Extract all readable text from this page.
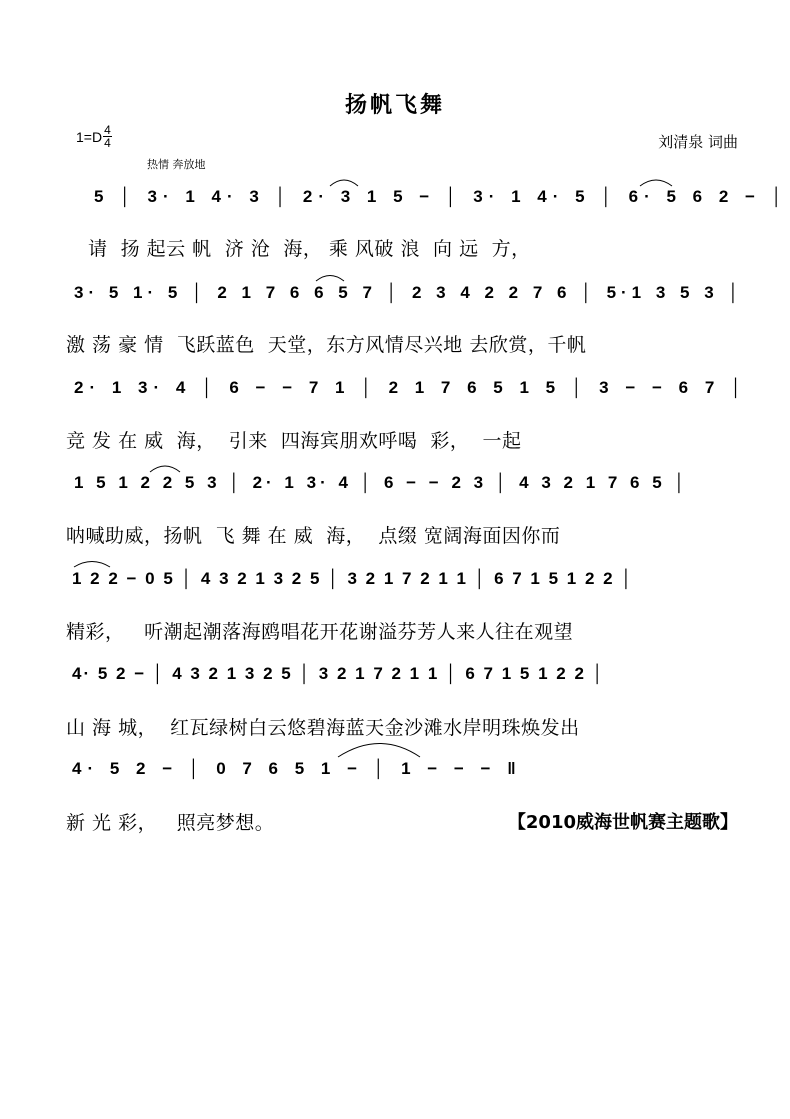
扬帆飞舞
$1=D \frac{4}{4}$	刘清泉 词曲
热情 奔放地
5 │ 3· 1 4· 3 │ 2· 3 1 5 − │ 3· 1 4· 5 │ 6· 5 6 2 − │
请  扬 起云 帆  济 沧  海， 乘 风破 浪  向 远  方，
3· 5 1· 5 │ 2 1 7 6 6 5 7 │ 2 3 4 2 2 7 6 │ 5·1 3 5 3 │
激 荡 豪 情  飞跃蓝色  天堂，东方风情尽兴地 去欣赏，千帆
2· 1 3· 4 │ 6 − − 7 1 │ 2 1 7 6 5 1 5 │ 3 − − 6 7 │
竞 发 在 威  海，  引来  四海宾朋欢呼喝  彩，  一起
1 5 1 2 2 5 3 │ 2· 1 3· 4 │ 6 − − 2 3 │ 4 3 2 1 7 6 5 │
呐喊助威，扬帆  飞 舞 在 威  海，  点缀 宽阔海面因你而
1 2 2 − 0 5 │ 4 3 2 1 3 2 5 │ 3 2 1 7 2 1 1 │ 6 7 1 5 1 2 2 │
精彩，   听潮起潮落海鸥唱花开花谢溢芬芳人来人往在观望
4· 5 2 − │ 4 3 2 1 3 2 5 │ 3 2 1 7 2 1 1 │ 6 7 1 5 1 2 2 │
山 海 城，  红瓦绿树白云悠碧海蓝天金沙滩水岸明珠焕发出
4· 5 2 − │ 0 7 6 5 1 − │ 1 − − − ‖
新 光 彩，   照亮梦想。	【2010威海世帆赛主题歌】
